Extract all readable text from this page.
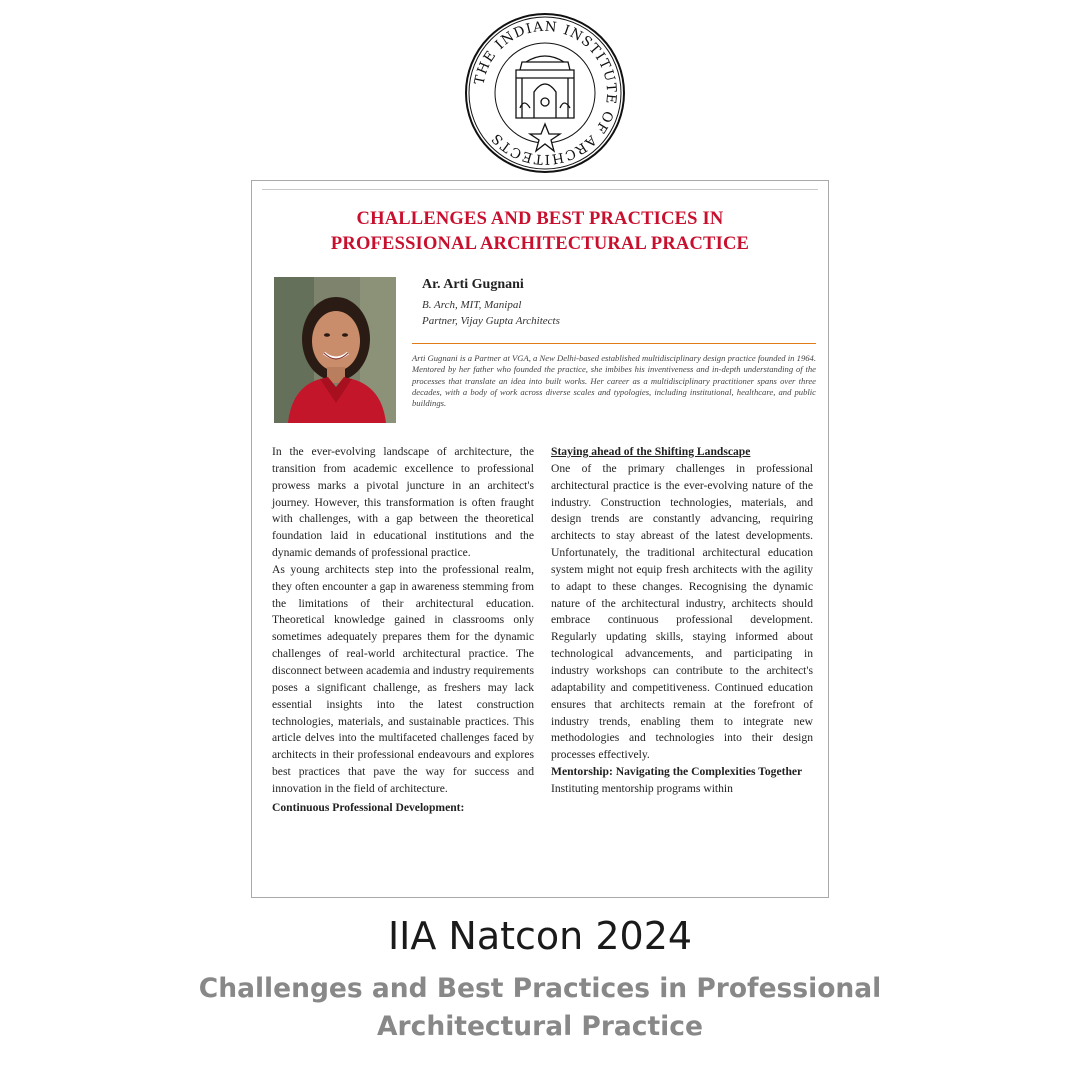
THE INDIAN INSTITUTE OF ARCHITECTS
CHALLENGES AND BEST PRACTICES IN
PROFESSIONAL ARCHITECTURAL PRACTICE
Ar. Arti Gugnani
B. Arch, MIT, Manipal
Partner, Vijay Gupta Architects
Arti Gugnani is a Partner at VGA, a New Delhi-based established multidisciplinary design practice founded in 1964. Mentored by her father who founded the practice, she imbibes his inventiveness and in-depth understanding of the processes that translate an idea into built works. Her career as a multidisciplinary practitioner spans over three decades, with a body of work across diverse scales and typologies, including institutional, healthcare, and public buildings.

In the ever-evolving landscape of architecture, the transition from academic excellence to professional prowess marks a pivotal juncture in an architect's journey. However, this transformation is often fraught with challenges, with a gap between the theoretical foundation laid in educational institutions and the dynamic demands of professional practice.

As young architects step into the professional realm, they often encounter a gap in awareness stemming from the limitations of their architectural education. Theoretical knowledge gained in classrooms only sometimes adequately prepares them for the dynamic challenges of real-world architectural practice. The disconnect between academia and industry requirements poses a significant challenge, as freshers may lack essential insights into the latest construction technologies, materials, and sustainable practices. This article delves into the multifaceted challenges faced by architects in their professional endeavours and explores best practices that pave the way for success and innovation in the field of architecture.

Continuous Professional Development:

Staying ahead of the Shifting Landscape

One of the primary challenges in professional architectural practice is the ever-evolving nature of the industry. Construction technologies, materials, and design trends are constantly advancing, requiring architects to stay abreast of the latest developments. Unfortunately, the traditional architectural education system might not equip fresh architects with the agility to adapt to these changes. Recognising the dynamic nature of the architectural industry, architects should embrace continuous professional development. Regularly updating skills, staying informed about technological advancements, and participating in industry workshops can contribute to the architect's adaptability and competitiveness. Continued education ensures that architects remain at the forefront of industry trends, enabling them to integrate new methodologies and technologies into their design processes effectively.

Mentorship: Navigating the Complexities Together

Instituting mentorship programs within

IIA Natcon 2024
Challenges and Best Practices in Professional Architectural Practice
